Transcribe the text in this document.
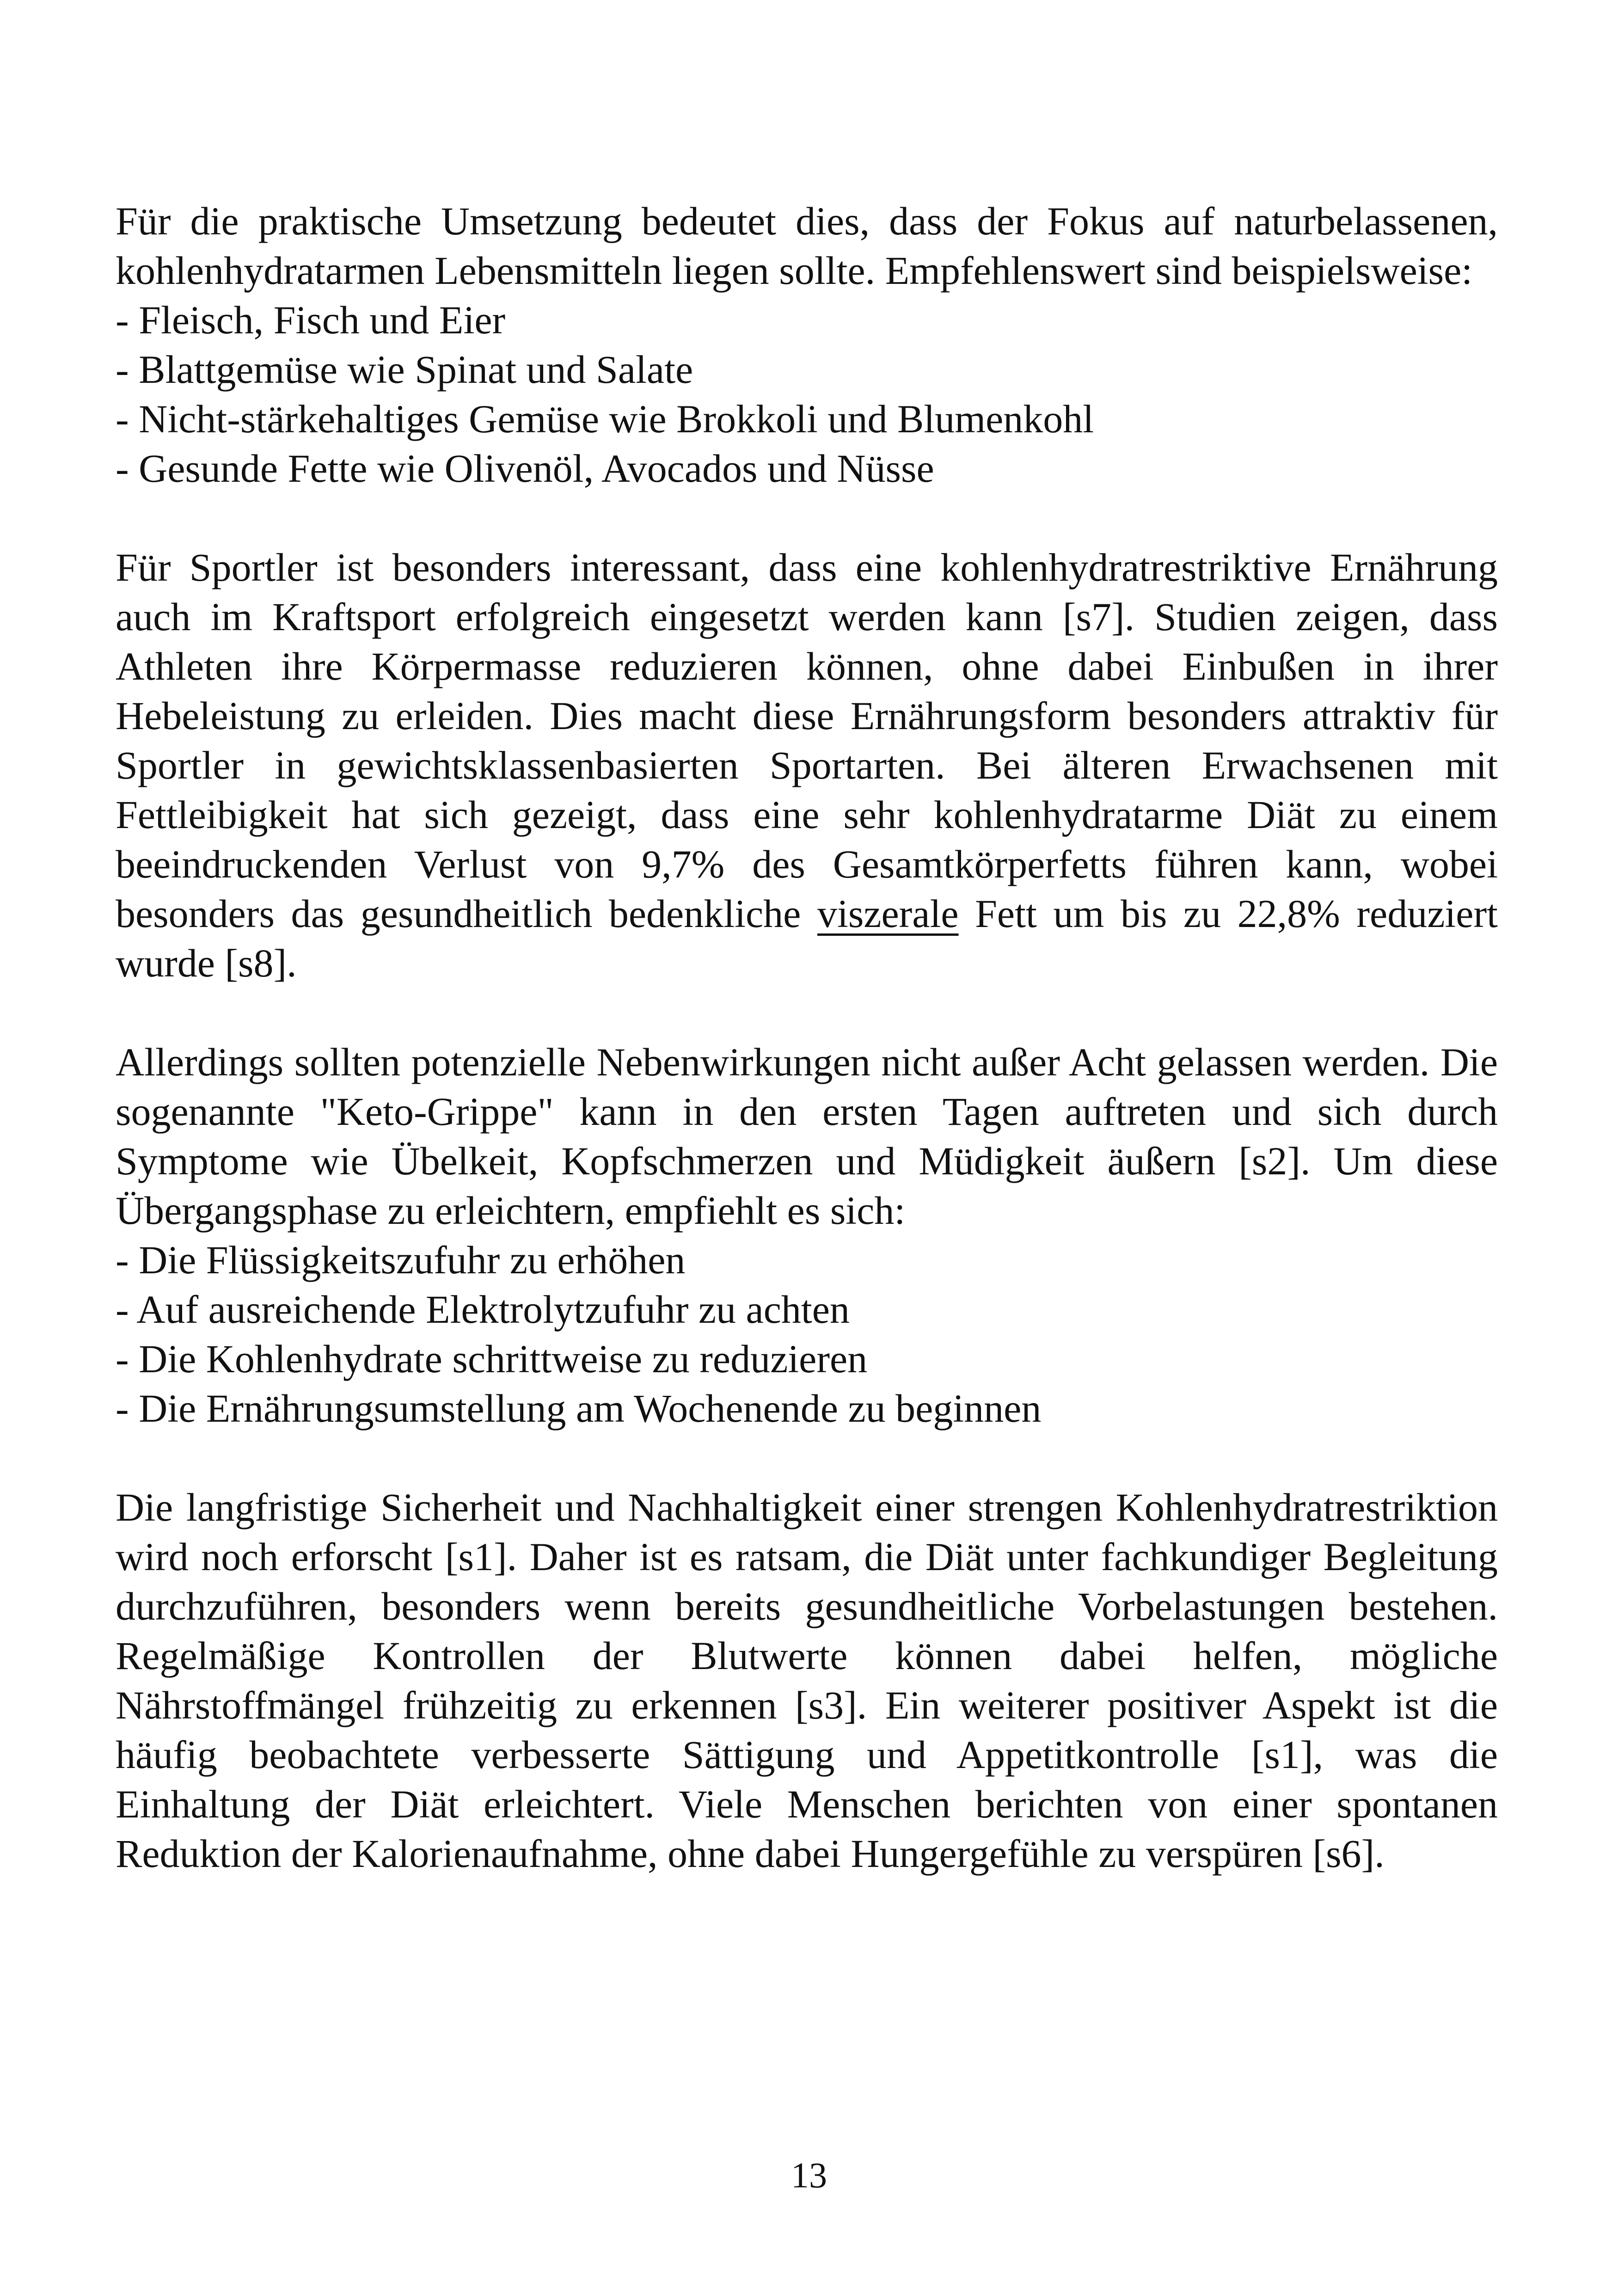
Für die praktische Umsetzung bedeutet dies, dass der Fokus auf naturbelassenen, kohlenhydratarmen Lebensmitteln liegen sollte. Empfehlenswert sind beispielsweise:

- Fleisch, Fisch und Eier
- Blattgemüse wie Spinat und Salate
- Nicht-stärkehaltiges Gemüse wie Brokkoli und Blumenkohl
- Gesunde Fette wie Olivenöl, Avocados und Nüsse

Für Sportler ist besonders interessant, dass eine kohlenhydratrestriktive Ernährung auch im Kraftsport erfolgreich eingesetzt werden kann [s7]. Studien zeigen, dass Athleten ihre Körpermasse reduzieren können, ohne dabei Einbußen in ihrer Hebeleistung zu erleiden. Dies macht diese Ernährungsform besonders attraktiv für Sportler in gewichtsklassenbasierten Sportarten. Bei älteren Erwachsenen mit Fettleibigkeit hat sich gezeigt, dass eine sehr kohlenhydratarme Diät zu einem beeindruckenden Verlust von 9,7% des Gesamtkörperfetts führen kann, wobei besonders das gesundheitlich bedenkliche viszerale Fett um bis zu 22,8% reduziert wurde [s8].

Allerdings sollten potenzielle Nebenwirkungen nicht außer Acht gelassen werden. Die sogenannte "Keto-Grippe" kann in den ersten Tagen auftreten und sich durch Symptome wie Übelkeit, Kopfschmerzen und Müdigkeit äußern [s2]. Um diese Übergangsphase zu erleichtern, empfiehlt es sich:

- Die Flüssigkeitszufuhr zu erhöhen
- Auf ausreichende Elektrolytzufuhr zu achten
- Die Kohlenhydrate schrittweise zu reduzieren
- Die Ernährungsumstellung am Wochenende zu beginnen

Die langfristige Sicherheit und Nachhaltigkeit einer strengen Kohlenhydratrestriktion wird noch erforscht [s1]. Daher ist es ratsam, die Diät unter fachkundiger Begleitung durchzuführen, besonders wenn bereits gesundheitliche Vorbelastungen bestehen. Regelmäßige Kontrollen der Blutwerte können dabei helfen, mögliche Nährstoffmängel frühzeitig zu erkennen [s3]. Ein weiterer positiver Aspekt ist die häufig beobachtete verbesserte Sättigung und Appetitkontrolle [s1], was die Einhaltung der Diät erleichtert. Viele Menschen berichten von einer spontanen Reduktion der Kalorienaufnahme, ohne dabei Hungergefühle zu verspüren [s6].

13
